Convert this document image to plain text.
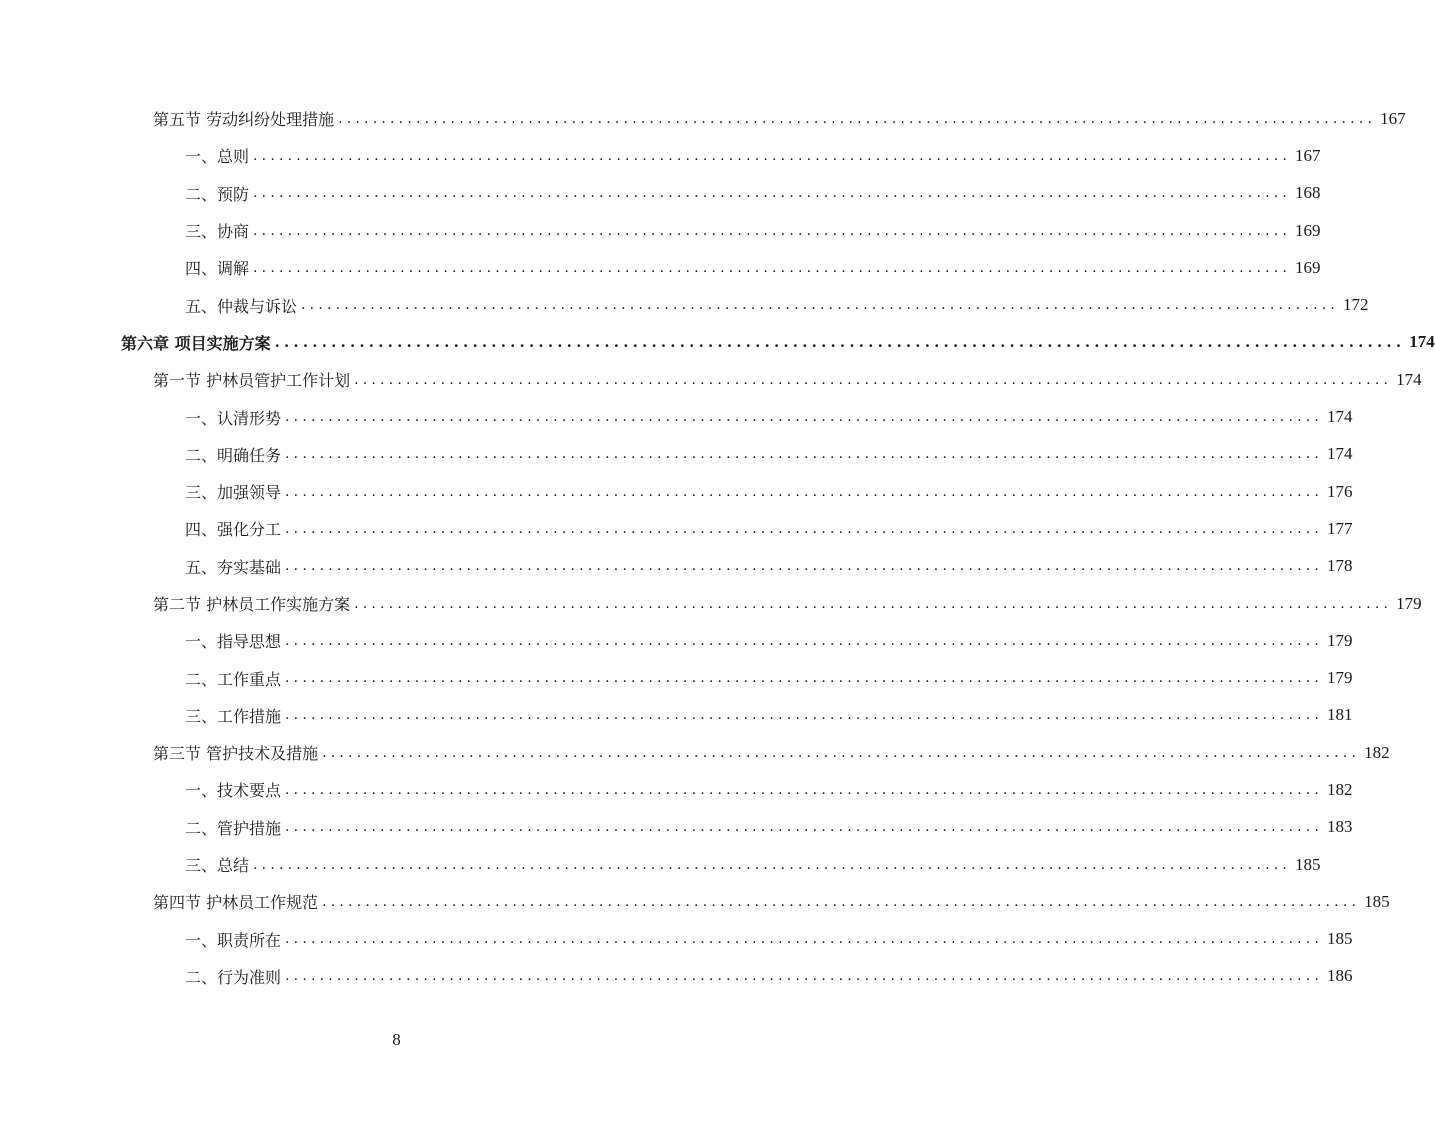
第五节 劳动纠纷处理措施 ........................................................................................................................ 167
一、总则 ........................................................................................................................ 167
二、预防 ........................................................................................................................ 168
三、协商 ........................................................................................................................ 169
四、调解 ........................................................................................................................ 169
五、仲裁与诉讼 ........................................................................................................................ 172
第六章 项目实施方案 ........................................................................................................................ 174
第一节 护林员管护工作计划 ........................................................................................................................ 174
一、认清形势 ........................................................................................................................ 174
二、明确任务 ........................................................................................................................ 174
三、加强领导 ........................................................................................................................ 176
四、强化分工 ........................................................................................................................ 177
五、夯实基础 ........................................................................................................................ 178
第二节 护林员工作实施方案 ........................................................................................................................ 179
一、指导思想 ........................................................................................................................ 179
二、工作重点 ........................................................................................................................ 179
三、工作措施 ........................................................................................................................ 181
第三节 管护技术及措施 ........................................................................................................................ 182
一、技术要点 ........................................................................................................................ 182
二、管护措施 ........................................................................................................................ 183
三、总结 ........................................................................................................................ 185
第四节 护林员工作规范 ........................................................................................................................ 185
一、职责所在 ........................................................................................................................ 185
二、行为准则 ........................................................................................................................ 186
8
